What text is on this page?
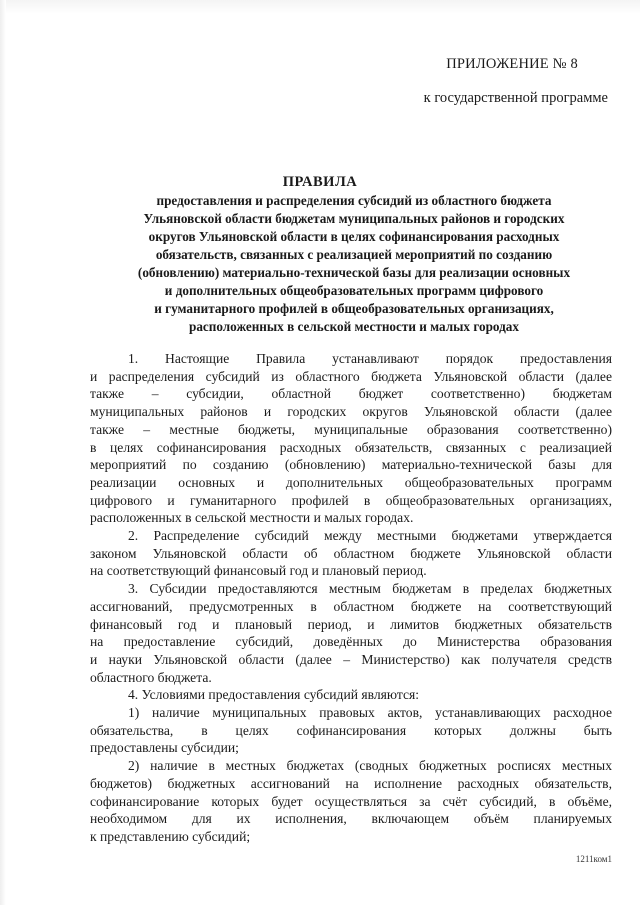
ПРИЛОЖЕНИЕ № 8
к государственной программе
ПРАВИЛА
предоставления и распределения субсидий из областного бюджета
Ульяновской области бюджетам муниципальных районов и городских
округов Ульяновской области в целях софинансирования расходных
обязательств, связанных с реализацией мероприятий по созданию
(обновлению) материально-технической базы для реализации основных
и дополнительных общеобразовательных программ цифрового
и гуманитарного профилей в общеобразовательных организациях,
расположенных в сельской местности и малых городах

1. Настоящие Правила устанавливают порядок предоставления

и распределения субсидий из областного бюджета Ульяновской области (далее

также – субсидии, областной бюджет соответственно) бюджетам

муниципальных районов и городских округов Ульяновской области (далее

также – местные бюджеты, муниципальные образования соответственно)

в целях софинансирования расходных обязательств, связанных с реализацией

мероприятий по созданию (обновлению) материально-технической базы для

реализации основных и дополнительных общеобразовательных программ

цифрового и гуманитарного профилей в общеобразовательных организациях,

расположенных в сельской местности и малых городах.

2. Распределение субсидий между местными бюджетами утверждается

законом Ульяновской области об областном бюджете Ульяновской области

на соответствующий финансовый год и плановый период.

3. Субсидии предоставляются местным бюджетам в пределах бюджетных

ассигнований, предусмотренных в областном бюджете на соответствующий

финансовый год и плановый период, и лимитов бюджетных обязательств

на предоставление субсидий, доведённых до Министерства образования

и науки Ульяновской области (далее – Министерство) как получателя средств

областного бюджета.

4. Условиями предоставления субсидий являются:

1) наличие муниципальных правовых актов, устанавливающих расходное

обязательства, в целях софинансирования которых должны быть

предоставлены субсидии;

2) наличие в местных бюджетах (сводных бюджетных росписях местных

бюджетов) бюджетных ассигнований на исполнение расходных обязательств,

софинансирование которых будет осуществляться за счёт субсидий, в объёме,

необходимом для их исполнения, включающем объём планируемых

к представлению субсидий;

1211ком1
